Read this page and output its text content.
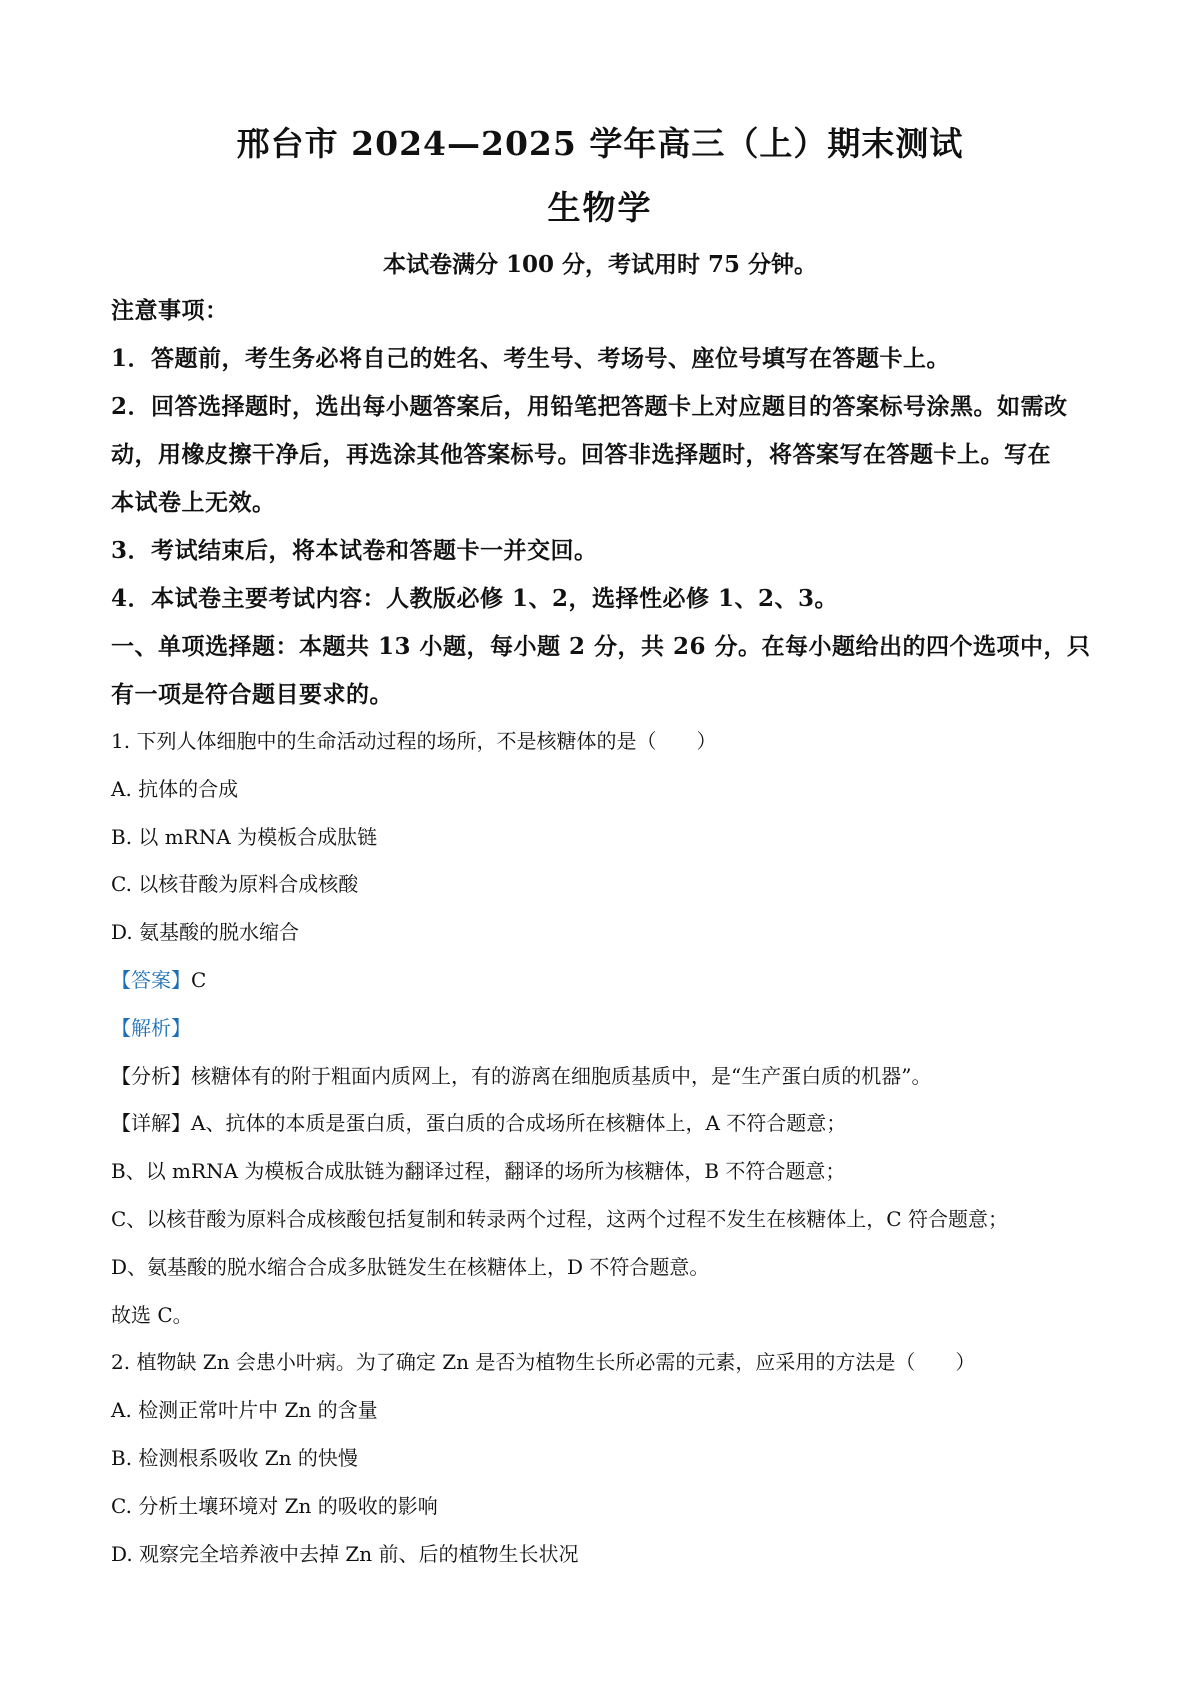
邢台市 2024—2025 学年高三（上）期末测试
生物学
本试卷满分 100 分，考试用时 75 分钟。
注意事项：
1．答题前，考生务必将自己的姓名、考生号、考场号、座位号填写在答题卡上。
2．回答选择题时，选出每小题答案后，用铅笔把答题卡上对应题目的答案标号涂黑。如需改
动，用橡皮擦干净后，再选涂其他答案标号。回答非选择题时，将答案写在答题卡上。写在
本试卷上无效。
3．考试结束后，将本试卷和答题卡一并交回。
4．本试卷主要考试内容：人教版必修 1、2，选择性必修 1、2、3。
一、单项选择题：本题共 13 小题，每小题 2 分，共 26 分。在每小题给出的四个选项中，只
有一项是符合题目要求的。
1. 下列人体细胞中的生命活动过程的场所，不是核糖体的是（　　）
A. 抗体的合成
B. 以 mRNA 为模板合成肽链
C. 以核苷酸为原料合成核酸
D. 氨基酸的脱水缩合
【答案】C
【解析】
【分析】核糖体有的附于粗面内质网上，有的游离在细胞质基质中，是“生产蛋白质的机器”。
【详解】A、抗体的本质是蛋白质，蛋白质的合成场所在核糖体上，A 不符合题意；
B、以 mRNA 为模板合成肽链为翻译过程，翻译的场所为核糖体，B 不符合题意；
C、以核苷酸为原料合成核酸包括复制和转录两个过程，这两个过程不发生在核糖体上，C 符合题意；
D、氨基酸的脱水缩合合成多肽链发生在核糖体上，D 不符合题意。
故选 C。
2. 植物缺 Zn 会患小叶病。为了确定 Zn 是否为植物生长所必需的元素，应采用的方法是（　　）
A. 检测正常叶片中 Zn 的含量
B. 检测根系吸收 Zn 的快慢
C. 分析土壤环境对 Zn 的吸收的影响
D. 观察完全培养液中去掉 Zn 前、后的植物生长状况
